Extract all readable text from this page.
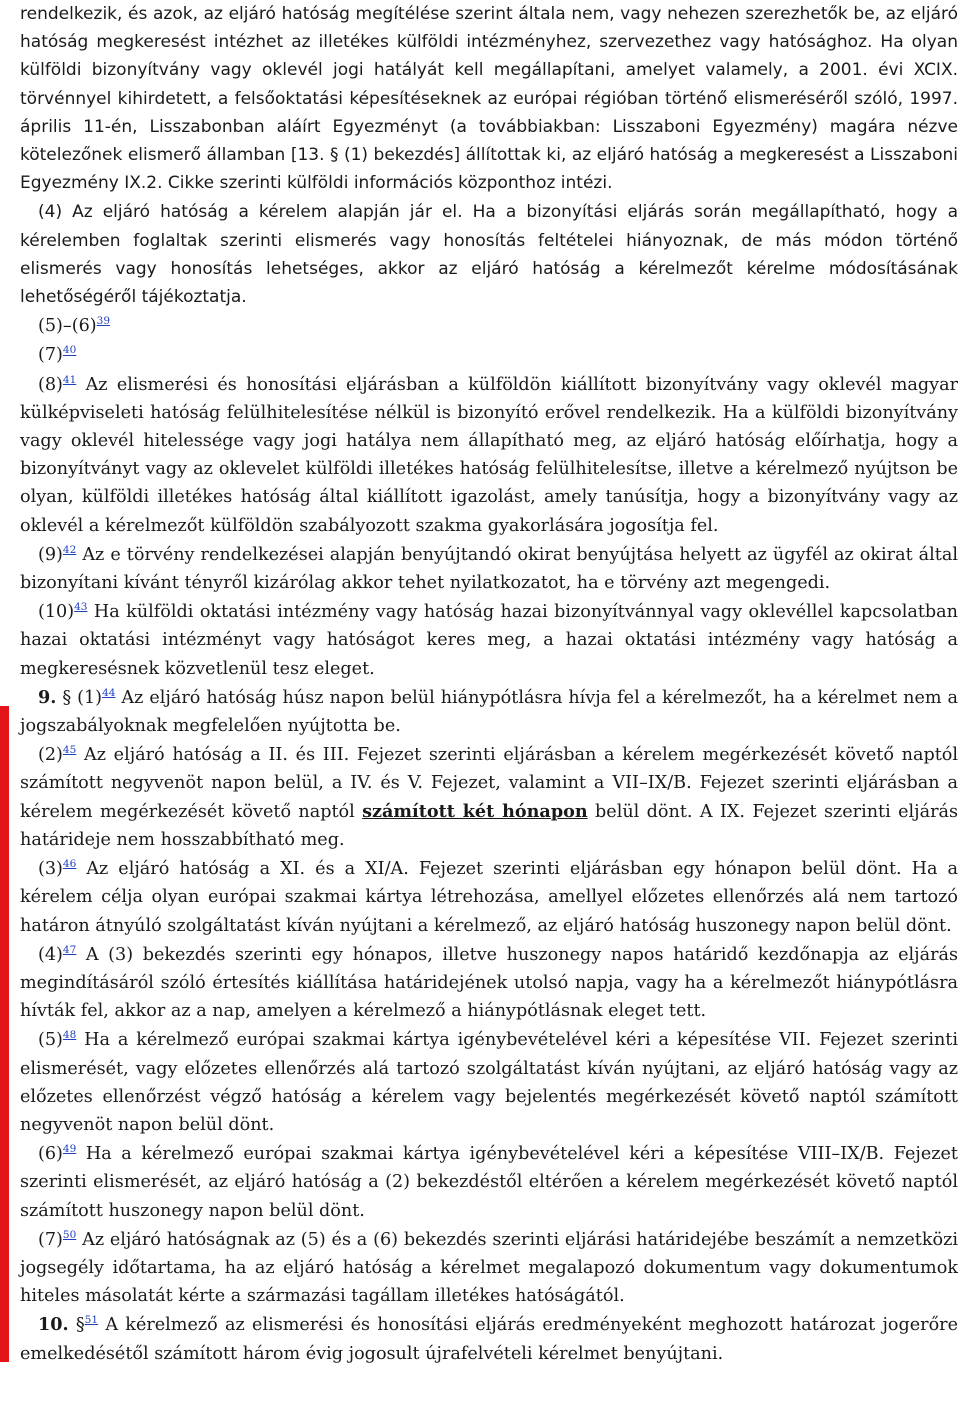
rendelkezik, és azok, az eljáró hatóság megítélése szerint általa nem, vagy nehezen szerezhetők be, az eljáró hatóság megkeresést intézhet az illetékes külföldi intézményhez, szervezethez vagy hatósághoz. Ha olyan külföldi bizonyítvány vagy oklevél jogi hatályát kell megállapítani, amelyet valamely, a 2001. évi XCIX. törvénnyel kihirdetett, a felsőoktatási képesítéseknek az európai régióban történő elismeréséről szóló, 1997. április 11-én, Lisszabonban aláírt Egyezményt (a továbbiakban: Lisszaboni Egyezmény) magára nézve kötelezőnek elismerő államban [13. § (1) bekezdés] állítottak ki, az eljáró hatóság a megkeresést a Lisszaboni Egyezmény IX.2. Cikke szerinti külföldi információs központhoz intézi.

(4) Az eljáró hatóság a kérelem alapján jár el. Ha a bizonyítási eljárás során megállapítható, hogy a kérelemben foglaltak szerinti elismerés vagy honosítás feltételei hiányoznak, de más módon történő elismerés vagy honosítás lehetséges, akkor az eljáró hatóság a kérelmezőt kérelme módosításának lehetőségéről tájékoztatja.

(5)–(6)$^{39}$

(7)$^{40}$

(8)$^{41}$ Az elismerési és honosítási eljárásban a külföldön kiállított bizonyítvány vagy oklevél magyar külképviseleti hatóság felülhitelesítése nélkül is bizonyító erővel rendelkezik. Ha a külföldi bizonyítvány vagy oklevél hitelessége vagy jogi hatálya nem állapítható meg, az eljáró hatóság előírhatja, hogy a bizonyítványt vagy az oklevelet külföldi illetékes hatóság felülhitelesítse, illetve a kérelmező nyújtson be olyan, külföldi illetékes hatóság által kiállított igazolást, amely tanúsítja, hogy a bizonyítvány vagy az oklevél a kérelmezőt külföldön szabályozott szakma gyakorlására jogosítja fel.

(9)$^{42}$ Az e törvény rendelkezései alapján benyújtandó okirat benyújtása helyett az ügyfél az okirat által bizonyítani kívánt tényről kizárólag akkor tehet nyilatkozatot, ha e törvény azt megengedi.

(10)$^{43}$ Ha külföldi oktatási intézmény vagy hatóság hazai bizonyítvánnyal vagy oklevéllel kapcsolatban hazai oktatási intézményt vagy hatóságot keres meg, a hazai oktatási intézmény vagy hatóság a megkeresésnek közvetlenül tesz eleget.

9. § (1)$^{44}$ Az eljáró hatóság húsz napon belül hiánypótlásra hívja fel a kérelmezőt, ha a kérelmet nem a jogszabályoknak megfelelően nyújtotta be.

(2)$^{45}$ Az eljáró hatóság a II. és III. Fejezet szerinti eljárásban a kérelem megérkezését követő naptól számított negyvenöt napon belül, a IV. és V. Fejezet, valamint a VII–IX/B. Fejezet szerinti eljárásban a kérelem megérkezését követő naptól számított két hónapon belül dönt. A IX. Fejezet szerinti eljárás határideje nem hosszabbítható meg.

(3)$^{46}$ Az eljáró hatóság a XI. és a XI/A. Fejezet szerinti eljárásban egy hónapon belül dönt. Ha a kérelem célja olyan európai szakmai kártya létrehozása, amellyel előzetes ellenőrzés alá nem tartozó határon átnyúló szolgáltatást kíván nyújtani a kérelmező, az eljáró hatóság huszonegy napon belül dönt.

(4)$^{47}$ A (3) bekezdés szerinti egy hónapos, illetve huszonegy napos határidő kezdőnapja az eljárás megindításáról szóló értesítés kiállítása határidejének utolsó napja, vagy ha a kérelmezőt hiánypótlásra hívták fel, akkor az a nap, amelyen a kérelmező a hiánypótlásnak eleget tett.

(5)$^{48}$ Ha a kérelmező európai szakmai kártya igénybevételével kéri a képesítése VII. Fejezet szerinti elismerését, vagy előzetes ellenőrzés alá tartozó szolgáltatást kíván nyújtani, az eljáró hatóság vagy az előzetes ellenőrzést végző hatóság a kérelem vagy bejelentés megérkezését követő naptól számított negyvenöt napon belül dönt.

(6)$^{49}$ Ha a kérelmező európai szakmai kártya igénybevételével kéri a képesítése VIII–IX/B. Fejezet szerinti elismerését, az eljáró hatóság a (2) bekezdéstől eltérően a kérelem megérkezését követő naptól számított huszonegy napon belül dönt.

(7)$^{50}$ Az eljáró hatóságnak az (5) és a (6) bekezdés szerinti eljárási határidejébe beszámít a nemzetközi jogsegély időtartama, ha az eljáró hatóság a kérelmet megalapozó dokumentum vagy dokumentumok hiteles másolatát kérte a származási tagállam illetékes hatóságától.

10. §$^{51}$ A kérelmező az elismerési és honosítási eljárás eredményeként meghozott határozat jogerőre emelkedésétől számított három évig jogosult újrafelvételi kérelmet benyújtani.
